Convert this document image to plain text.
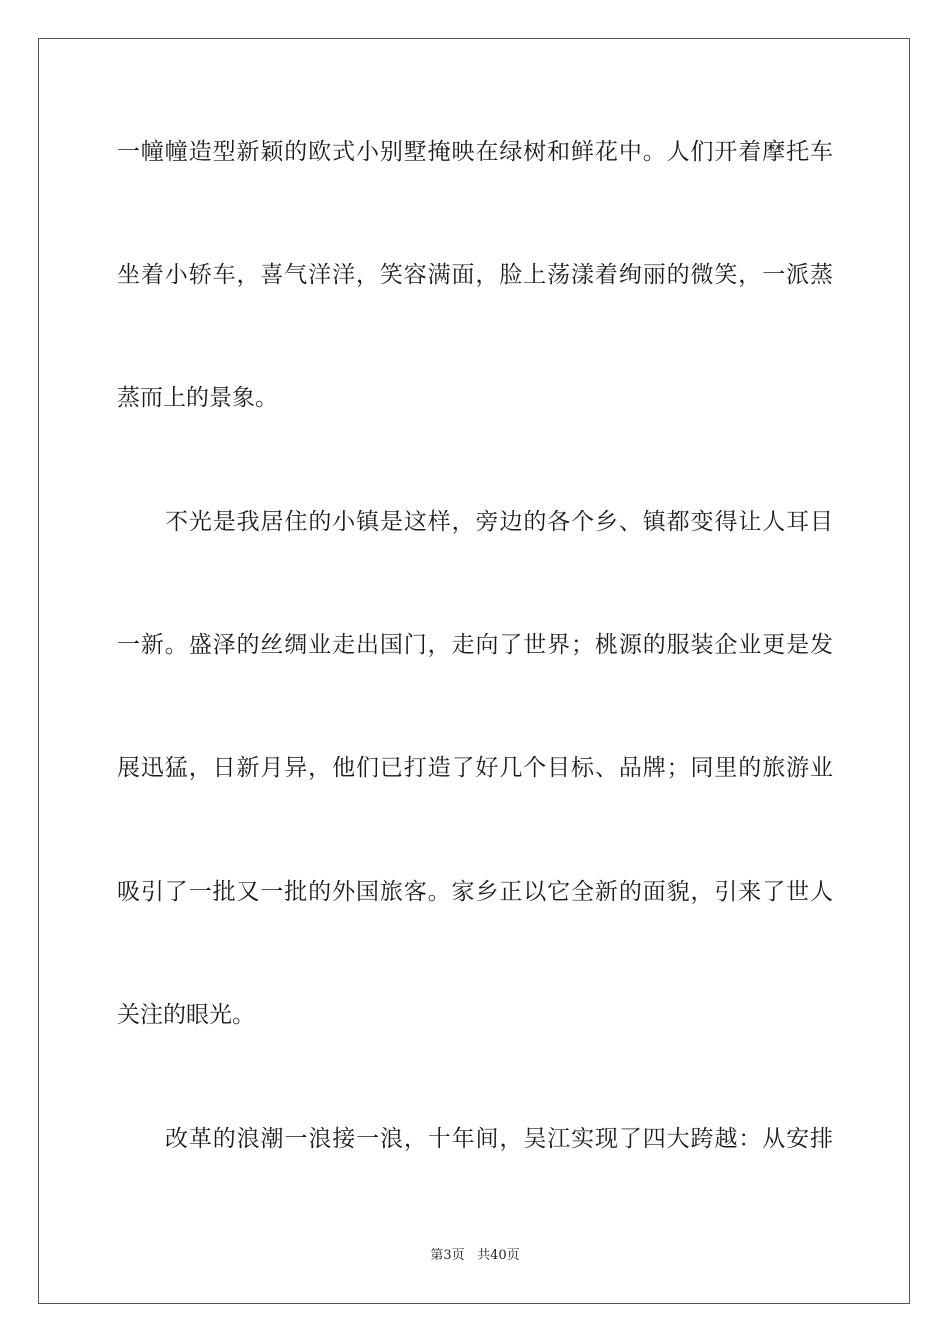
一幢幢造型新颖的欧式小别墅掩映在绿树和鲜花中。人们开着摩托车
坐着小轿车，喜气洋洋，笑容满面，脸上荡漾着绚丽的微笑，一派蒸
蒸而上的景象。
不光是我居住的小镇是这样，旁边的各个乡、镇都变得让人耳目
一新。盛泽的丝绸业走出国门，走向了世界；桃源的服装企业更是发
展迅猛，日新月异，他们已打造了好几个目标、品牌；同里的旅游业
吸引了一批又一批的外国旅客。家乡正以它全新的面貌，引来了世人
关注的眼光。
改革的浪潮一浪接一浪，十年间，吴江实现了四大跨越：从安排
第3页 共40页
